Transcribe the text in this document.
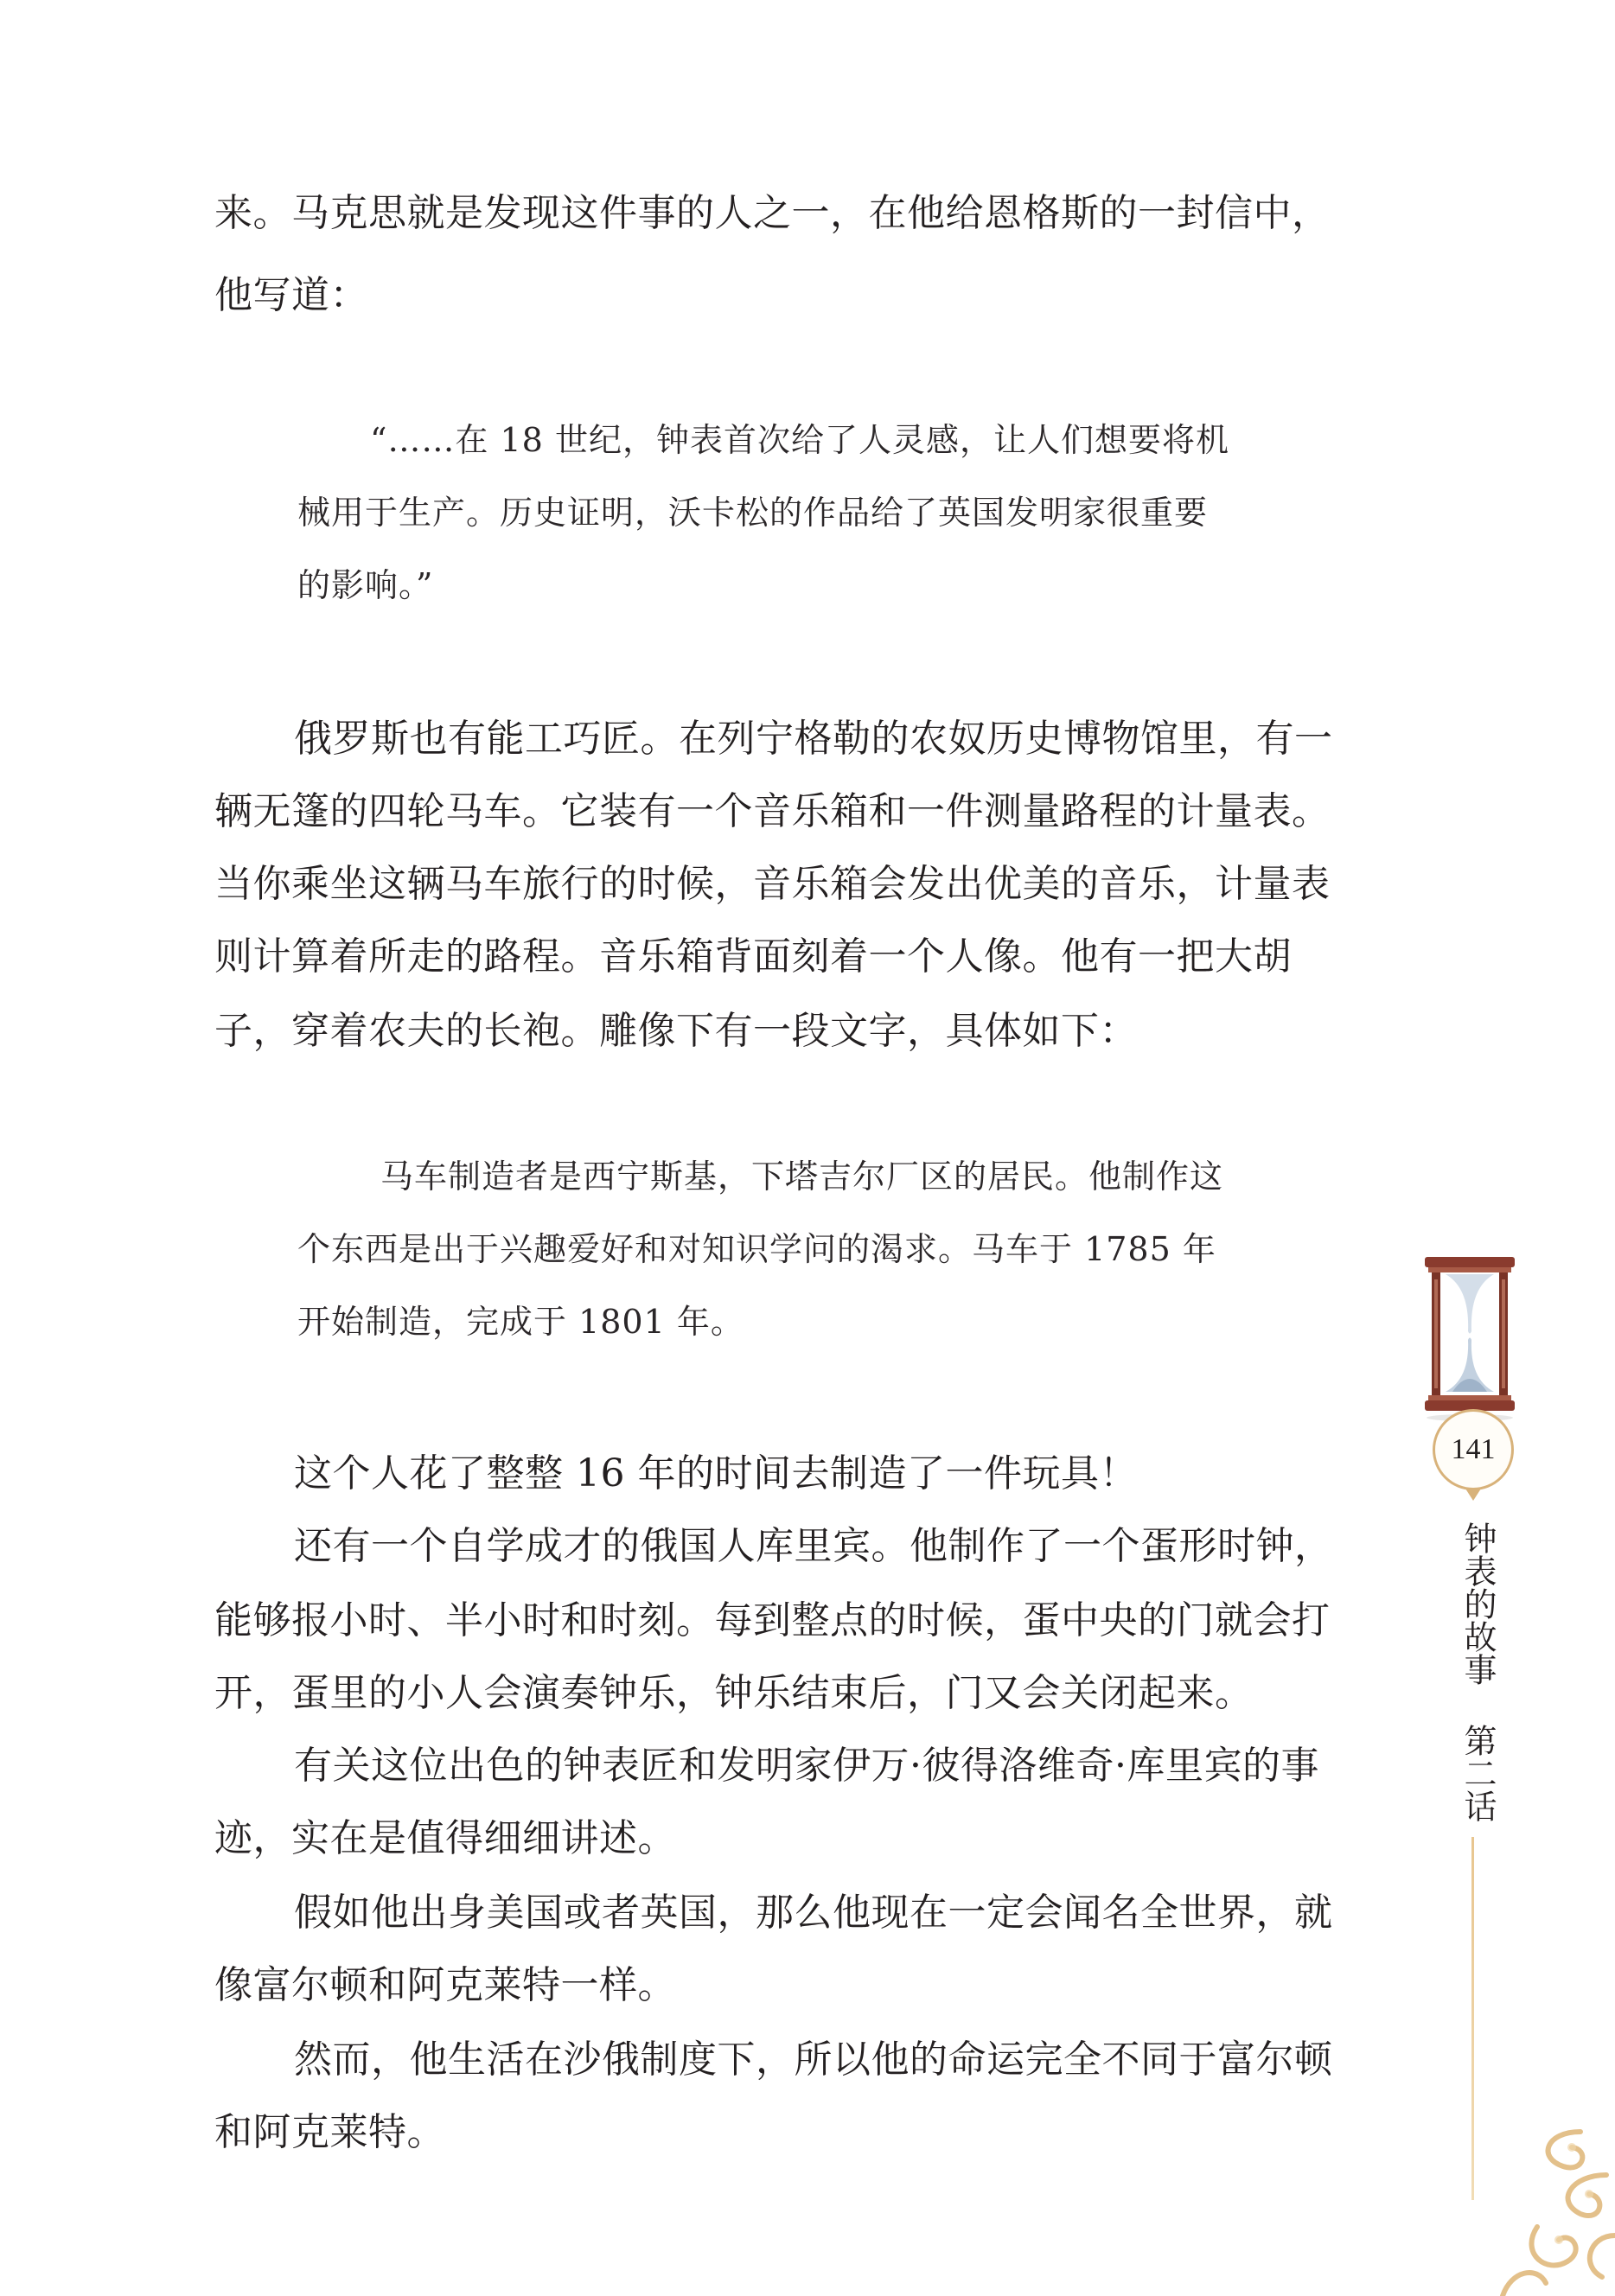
来。马克思就是发现这件事的人之一，在他给恩格斯的一封信中，

他写道：

“……在 18 世纪，钟表首次给了人灵感，让人们想要将机

械用于生产。历史证明，沃卡松的作品给了英国发明家很重要

的影响。”

俄罗斯也有能工巧匠。在列宁格勒的农奴历史博物馆里，有一

辆无篷的四轮马车。它装有一个音乐箱和一件测量路程的计量表。

当你乘坐这辆马车旅行的时候，音乐箱会发出优美的音乐，计量表

则计算着所走的路程。音乐箱背面刻着一个人像。他有一把大胡

子，穿着农夫的长袍。雕像下有一段文字，具体如下：

马车制造者是西宁斯基，下塔吉尔厂区的居民。他制作这

个东西是出于兴趣爱好和对知识学问的渴求。马车于 1785 年

开始制造，完成于 1801 年。

这个人花了整整 16 年的时间去制造了一件玩具！

还有一个自学成才的俄国人库里宾。他制作了一个蛋形时钟，

能够报小时、半小时和时刻。每到整点的时候，蛋中央的门就会打

开，蛋里的小人会演奏钟乐，钟乐结束后，门又会关闭起来。

有关这位出色的钟表匠和发明家伊万·彼得洛维奇·库里宾的事

迹，实在是值得细细讲述。

假如他出身美国或者英国，那么他现在一定会闻名全世界，就

像富尔顿和阿克莱特一样。

然而，他生活在沙俄制度下，所以他的命运完全不同于富尔顿

和阿克莱特。

141
钟表的故事 第二话
